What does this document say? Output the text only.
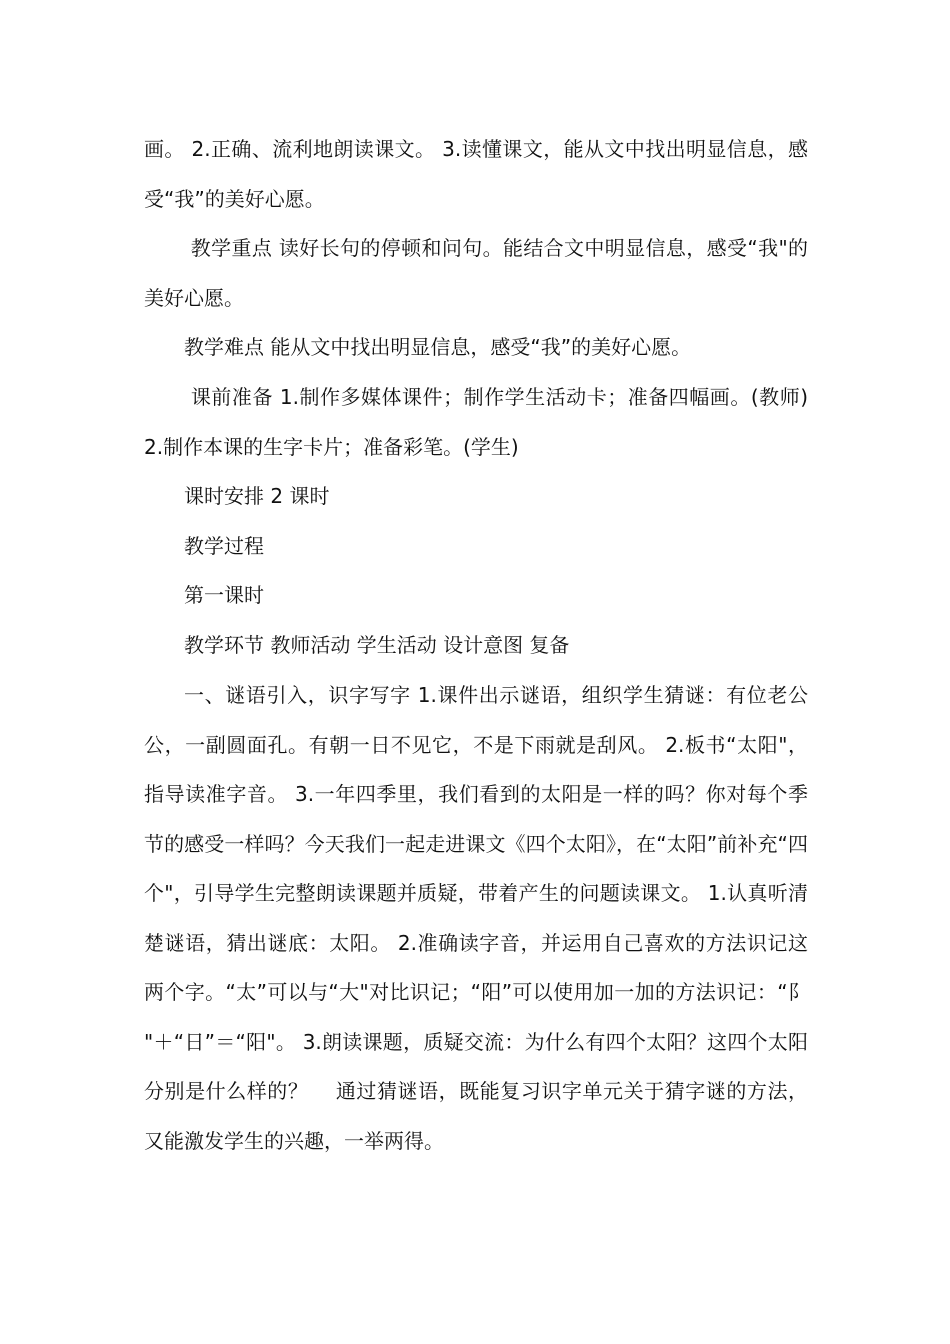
画。 2.正确、流利地朗读课文。 3.读懂课文，能从文中找出明显信息，感受“我”的美好心愿。

教学重点 读好长句的停顿和问句。能结合文中明显信息，感受“我"的美好心愿。

教学难点 能从文中找出明显信息，感受“我”的美好心愿。

课前准备 1.制作多媒体课件；制作学生活动卡；准备四幅画。(教师) 2.制作本课的生字卡片；准备彩笔。(学生)

课时安排 2 课时

教学过程

第一课时

教学环节 教师活动 学生活动 设计意图 复备

一、谜语引入，识字写字 1.课件出示谜语，组织学生猜谜：有位老公公，一副圆面孔。有朝一日不见它，不是下雨就是刮风。 2.板书“太阳"，指导读准字音。 3.一年四季里，我们看到的太阳是一样的吗？你对每个季节的感受一样吗？今天我们一起走进课文《四个太阳》，在“太阳”前补充“四个"，引导学生完整朗读课题并质疑，带着产生的问题读课文。 1.认真听清楚谜语，猜出谜底：太阳。 2.准确读字音，并运用自己喜欢的方法识记这两个字。“太”可以与“大"对比识记；“阳”可以使用加一加的方法识记：“阝 "＋“日”＝“阳"。 3.朗读课题，质疑交流：为什么有四个太阳？这四个太阳分别是什么样的？　 通过猜谜语，既能复习识字单元关于猜字谜的方法，又能激发学生的兴趣，一举两得。
